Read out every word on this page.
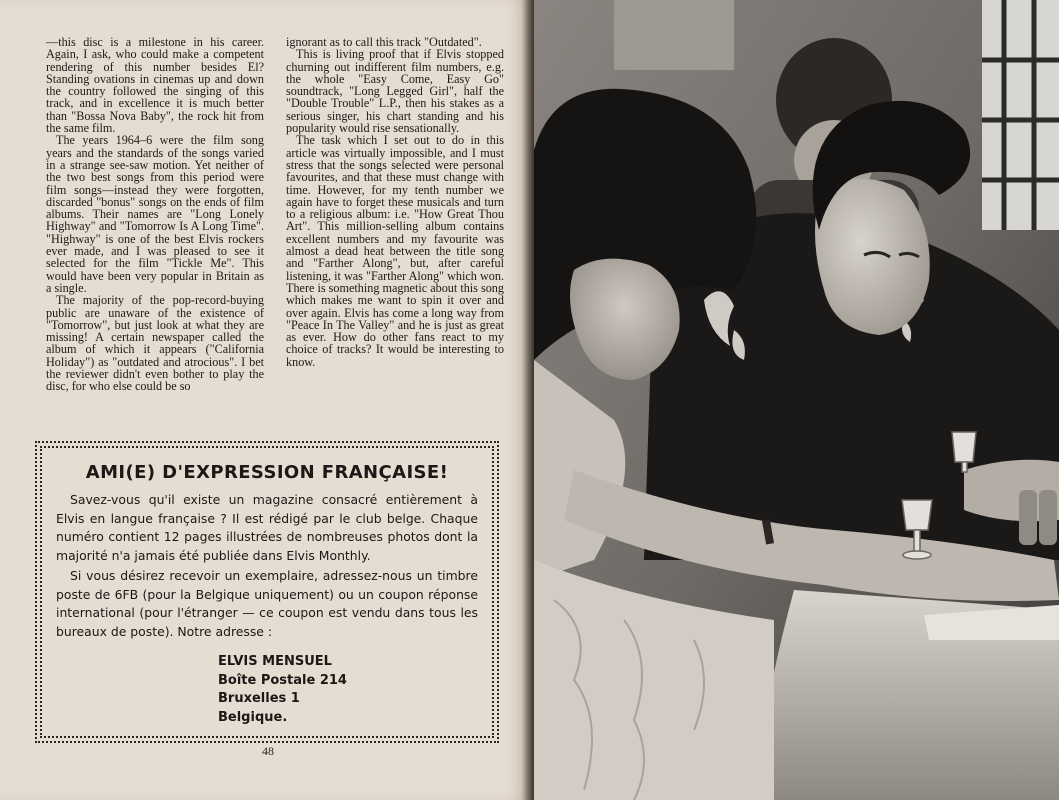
—this disc is a milestone in his career. Again, I ask, who could make a competent rendering of this number besides El? Standing ovations in cinemas up and down the country followed the singing of this track, and in excellence it is much better than "Bossa Nova Baby", the rock hit from the same film.

The years 1964–6 were the film song years and the standards of the songs varied in a strange see-saw motion. Yet neither of the two best songs from this period were film songs—instead they were forgotten, discarded "bonus" songs on the ends of film albums. Their names are "Long Lonely Highway" and "Tomorrow Is A Long Time". "Highway" is one of the best Elvis rockers ever made, and I was pleased to see it selected for the film "Tickle Me". This would have been very popular in Britain as a single.

The majority of the pop-record-buying public are unaware of the existence of "Tomorrow", but just look at what they are missing! A certain newspaper called the album of which it appears ("California Holiday") as "outdated and atrocious". I bet the reviewer didn't even bother to play the disc, for who else could be so

ignorant as to call this track "Outdated".

This is living proof that if Elvis stopped churning out indifferent film numbers, e.g. the whole "Easy Come, Easy Go" soundtrack, "Long Legged Girl", half the "Double Trouble" L.P., then his stakes as a serious singer, his chart standing and his popularity would rise sensationally.

The task which I set out to do in this article was virtually impossible, and I must stress that the songs selected were personal favourites, and that these must change with time. However, for my tenth number we again have to forget these musicals and turn to a religious album: i.e. "How Great Thou Art". This million-selling album contains excellent numbers and my favourite was almost a dead heat between the title song and "Farther Along", but, after careful listening, it was "Farther Along" which won. There is something magnetic about this song which makes me want to spin it over and over again. Elvis has come a long way from "Peace In The Valley" and he is just as great as ever. How do other fans react to my choice of tracks? It would be interesting to know.

AMI(E) D'EXPRESSION FRANÇAISE!

Savez-vous qu'il existe un magazine consacré entièrement à Elvis en langue française ? Il est rédigé par le club belge. Chaque numéro contient 12 pages illustrées de nombreuses photos dont la majorité n'a jamais été publiée dans Elvis Monthly.

Si vous désirez recevoir un exemplaire, adressez-nous un timbre poste de 6FB (pour la Belgique uniquement) ou un coupon réponse international (pour l'étranger — ce coupon est vendu dans tous les bureaux de poste). Notre adresse :

ELVIS MENSUEL
Boîte Postale 214
Bruxelles 1
Belgique.
48
